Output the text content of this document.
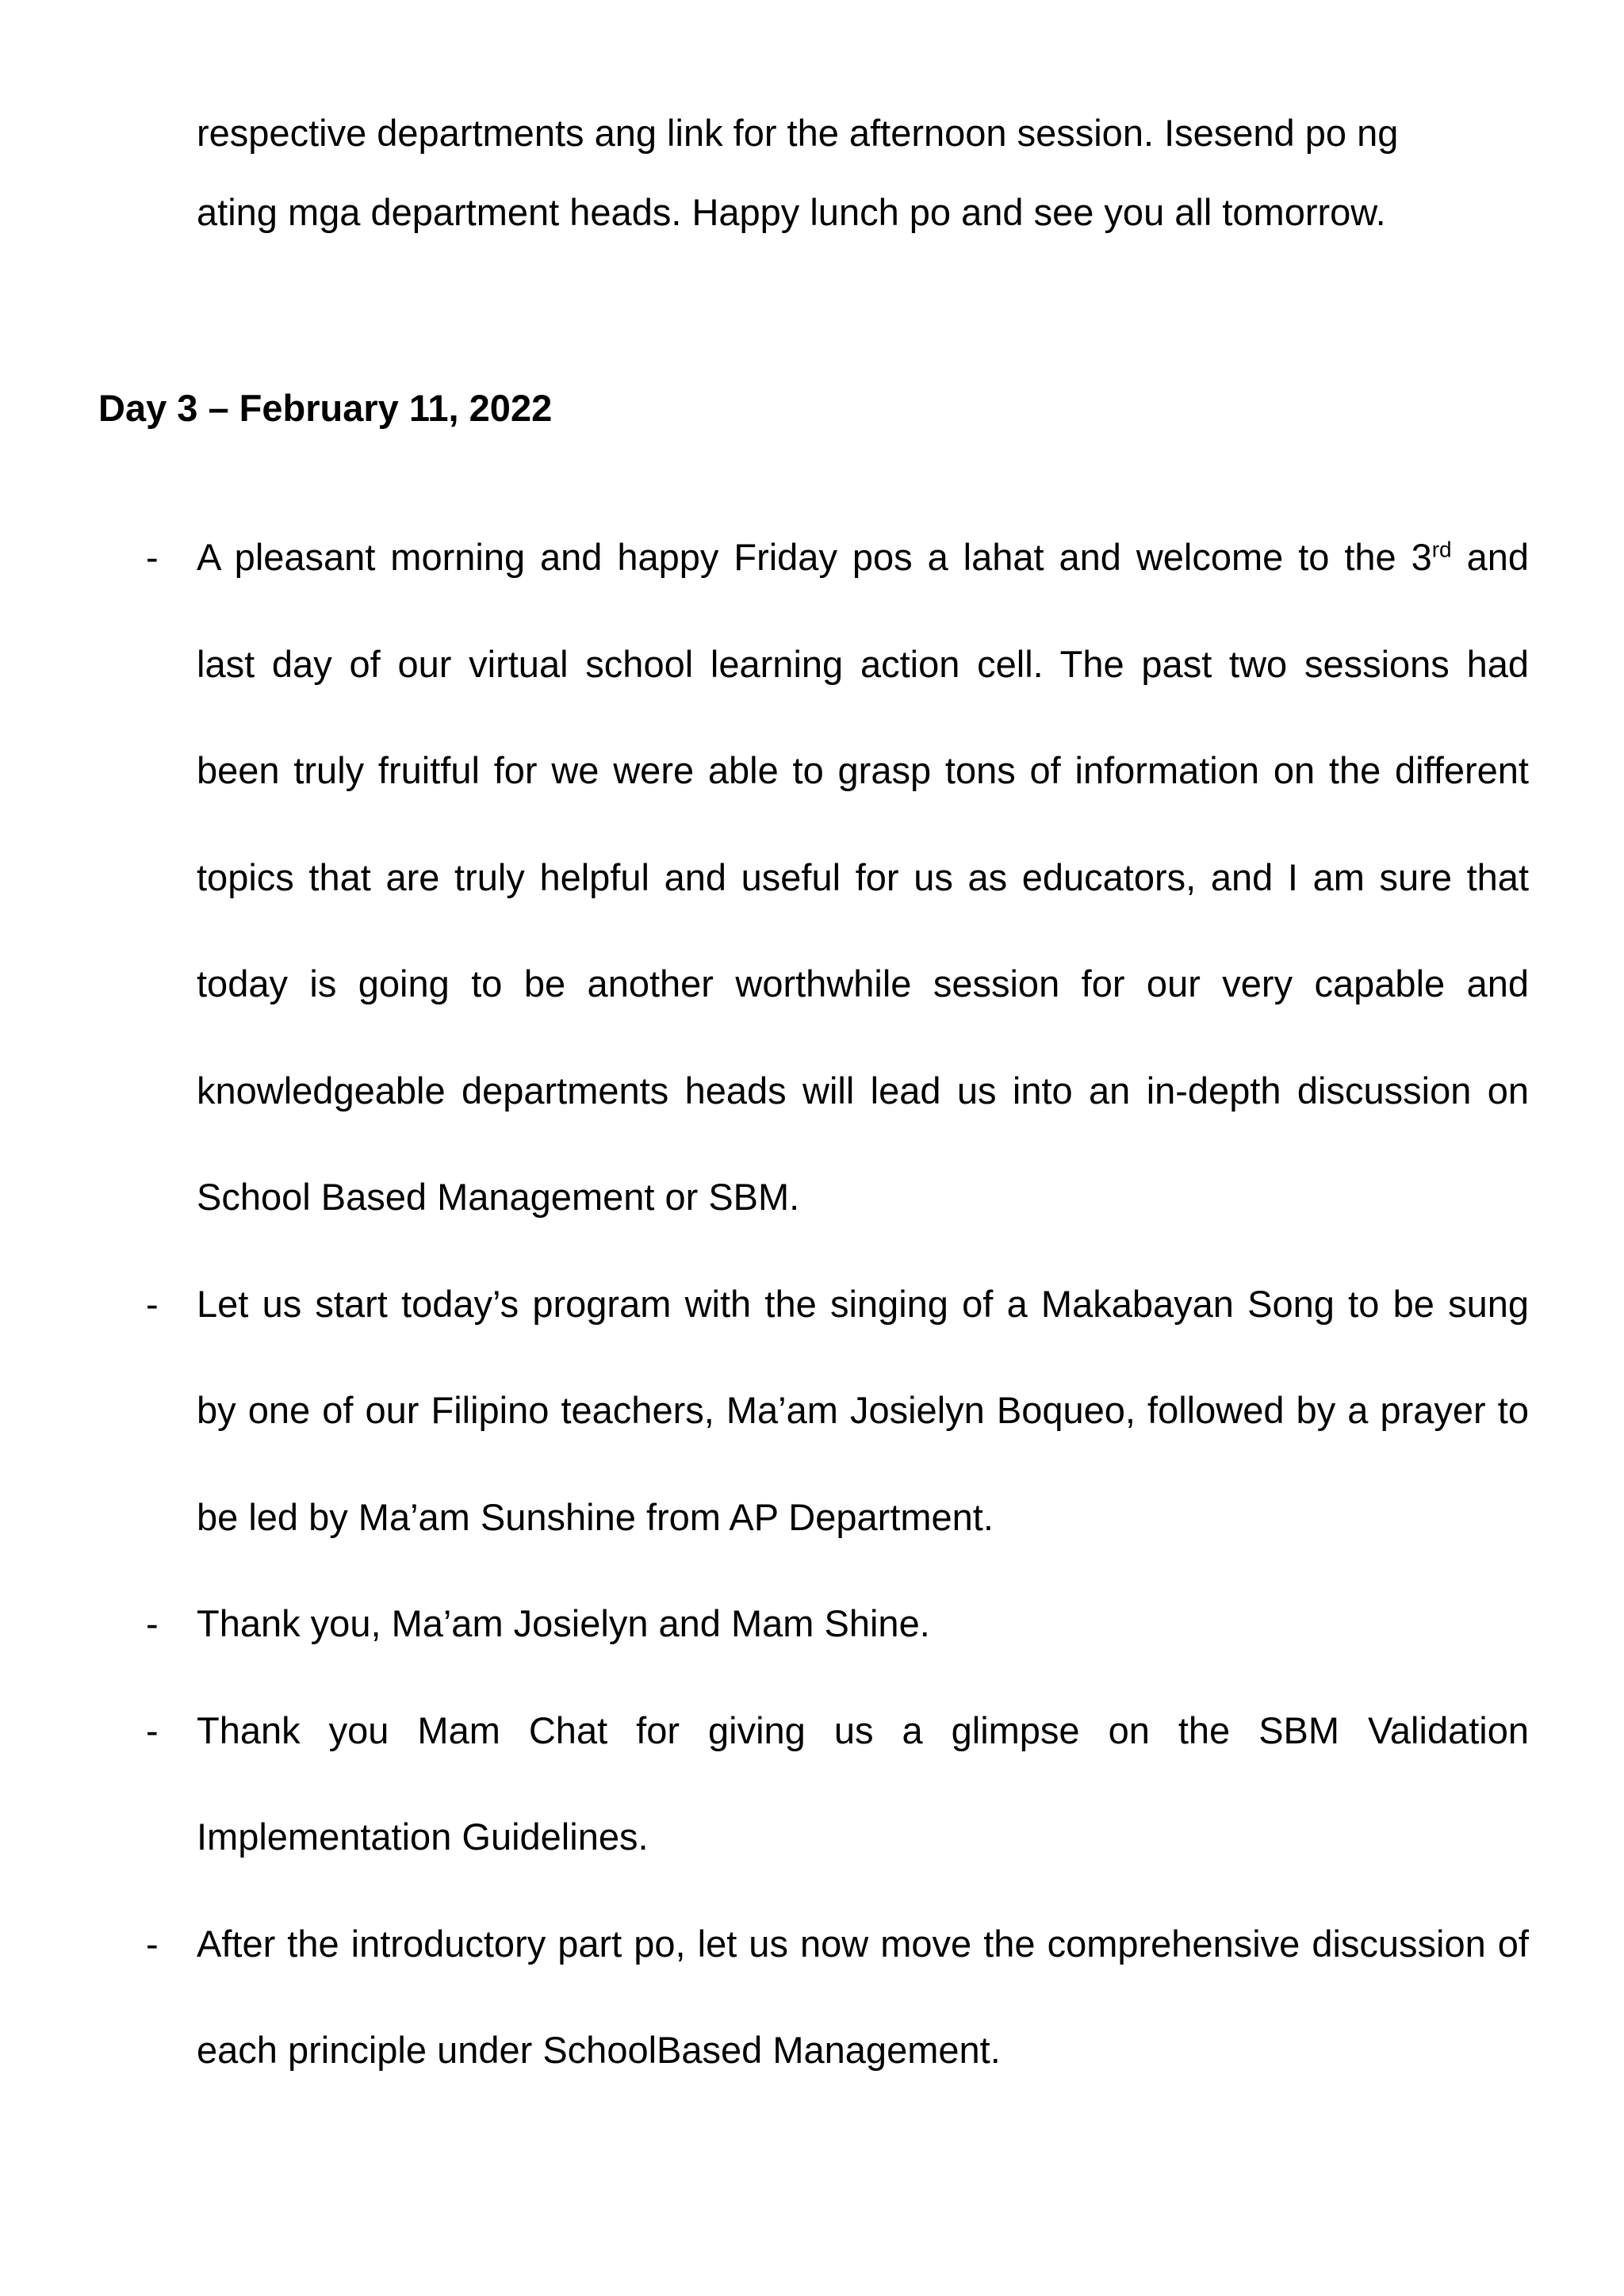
respective departments ang link for the afternoon session. Isesend po ng
ating mga department heads. Happy lunch po and see you all tomorrow.
Day 3 – February 11, 2022
- A pleasant morning and happy Friday pos a lahat and welcome to the 3rd and last day of our virtual school learning action cell. The past two sessions had been truly fruitful for we were able to grasp tons of information on the different topics that are truly helpful and useful for us as educators, and I am sure that today is going to be another worthwhile session for our very capable and knowledgeable departments heads will lead us into an in-depth discussion on School Based Management or SBM.
- Let us start today’s program with the singing of a Makabayan Song to be sung by one of our Filipino teachers, Ma’am Josielyn Boqueo, followed by a prayer to be led by Ma’am Sunshine from AP Department.
- Thank you, Ma’am Josielyn and Mam Shine.
- Thank you Mam Chat for giving us a glimpse on the SBM Validation Implementation Guidelines.
- After the introductory part po, let us now move the comprehensive discussion of each principle under SchoolBased Management.
